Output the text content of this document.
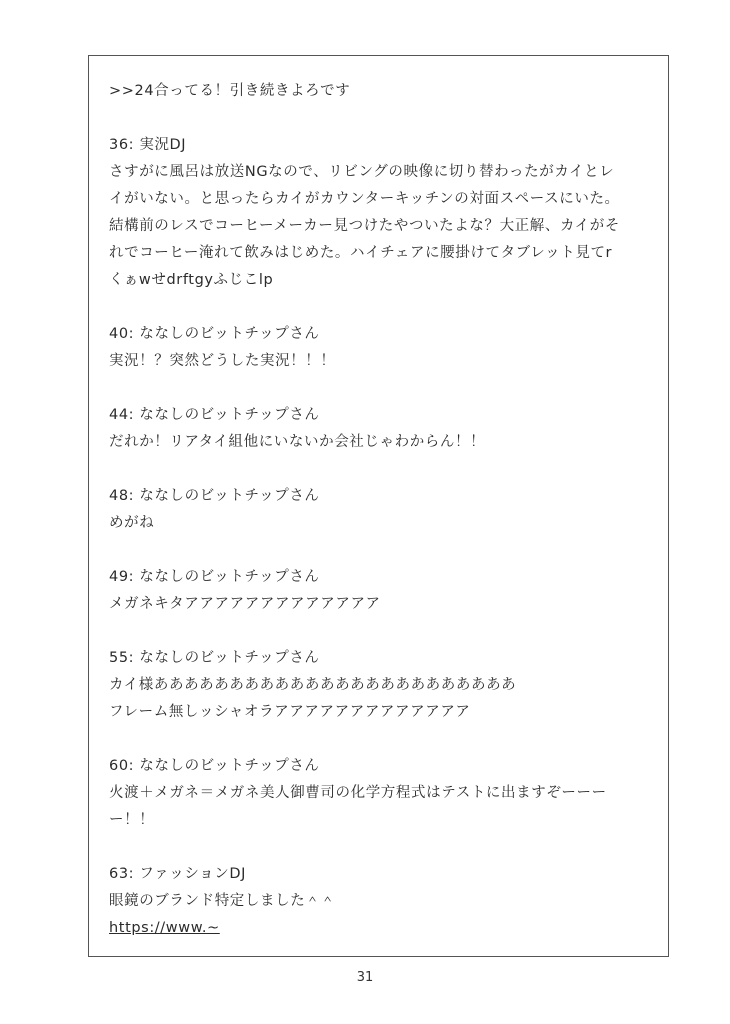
>>24合ってる！引き続きよろです
36: 実況DJ
さすがに風呂は放送NGなので、リビングの映像に切り替わったがカイとレ
イがいない。と思ったらカイがカウンターキッチンの対面スペースにいた。
結構前のレスでコーヒーメーカー見つけたやついたよな？大正解、カイがそ
れでコーヒー淹れて飲みはじめた。ハイチェアに腰掛けてタブレット見てr
くぁwせdrftgyふじこlp
40: ななしのビットチップさん
実況！？突然どうした実況！！！
44: ななしのビットチップさん
だれか！リアタイ組他にいないか会社じゃわからん！！
48: ななしのビットチップさん
めがね
49: ななしのビットチップさん
メガネキタアアアアアアアアアアアアア
55: ななしのビットチップさん
カイ様ああああああああああああああああああああああああ
フレーム無しッシャオラアアアアアアアアアアアアア
60: ななしのビットチップさん
火渡＋メガネ＝メガネ美人御曹司の化学方程式はテストに出ますぞーーー
ー！！
63: ファッションDJ
眼鏡のブランド特定しました＾＾
https://www.~
31
